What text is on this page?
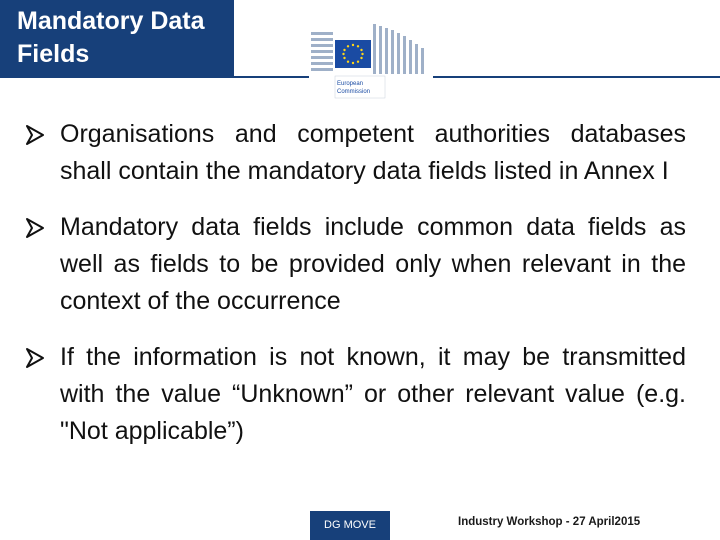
Mandatory Data Fields
European
Commission
Organisations and competent authorities databases shall contain the mandatory data fields listed in Annex I
Mandatory data fields include common data fields as well as fields to be provided only when relevant in the context of the occurrence
If the information is not known, it may be transmitted with the value “Unknown” or other relevant value (e.g. "Not applicable”)
DG MOVE	Industry Workshop - 27 April2015
